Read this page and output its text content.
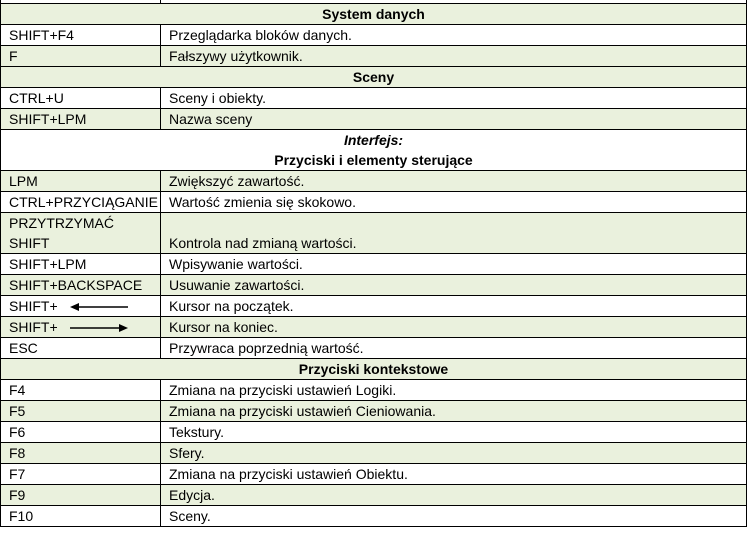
System danych	
SHIFT+F4	Przeglądarka bloków danych.
F	Fałszywy użytkownik.
Sceny	
CTRL+U	Sceny i obiekty.
SHIFT+LPM	Nazwa sceny
Interfejs:	
Przyciski i elementy sterujące	
LPM	Zwiększyć zawartość.
CTRL+PRZYCIĄGANIE	Wartość zmienia się skokowo.

PRZYTRZYMAĆ
SHIFT	Kontrola nad zmianą wartości.
SHIFT+LPM	Wpisywanie wartości.
SHIFT+BACKSPACE	Usuwanie zawartości.
SHIFT+	Kursor na początek.
SHIFT+	Kursor na koniec.
ESC	Przywraca poprzednią wartość.
Przyciski kontekstowe	
F4	Zmiana na przyciski ustawień Logiki.
F5	Zmiana na przyciski ustawień Cieniowania.
F6	Tekstury.
F8	Sfery.
F7	Zmiana na przyciski ustawień Obiektu.
F9	Edycja.
F10	Sceny.
